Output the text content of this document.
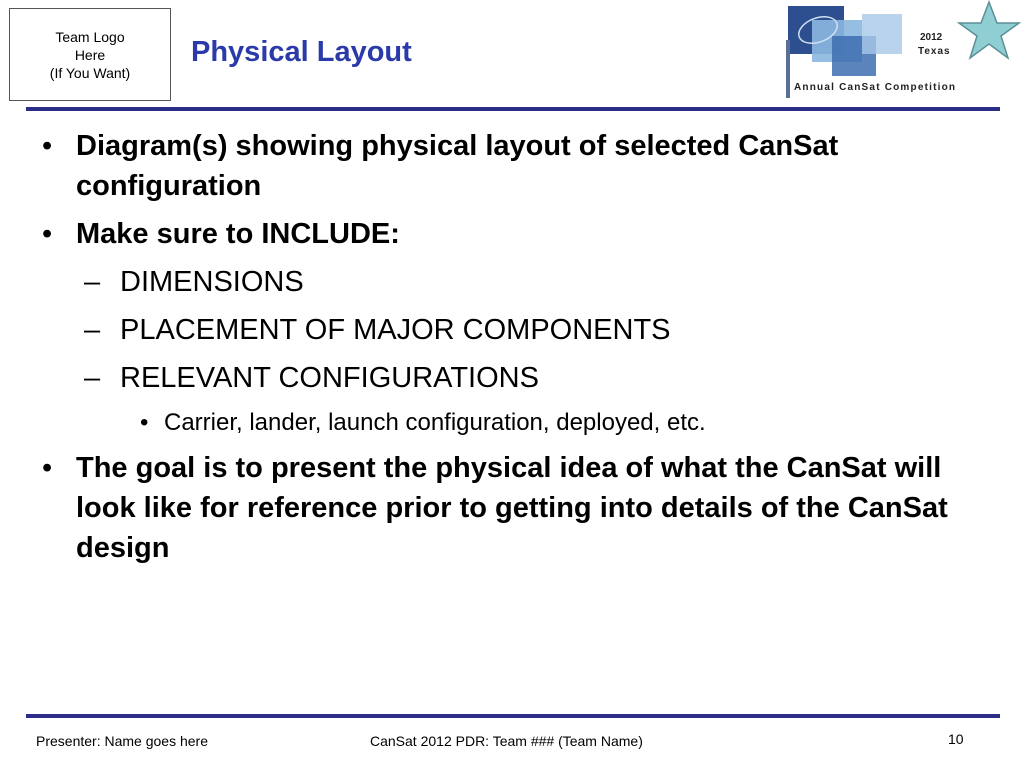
Team Logo
Here
(If You Want)
Physical Layout	2012
Texas
Annual CanSat Competition
• Diagram(s) showing physical layout of selected CanSat configuration
• Make sure to INCLUDE:
– DIMENSIONS
– PLACEMENT OF MAJOR COMPONENTS
– RELEVANT CONFIGURATIONS
• Carrier, lander, launch configuration, deployed, etc.
• The goal is to present the physical idea of what the CanSat will look like for reference prior to getting into details of the CanSat design
Presenter: Name goes here	CanSat 2012 PDR: Team ### (Team Name)	10
